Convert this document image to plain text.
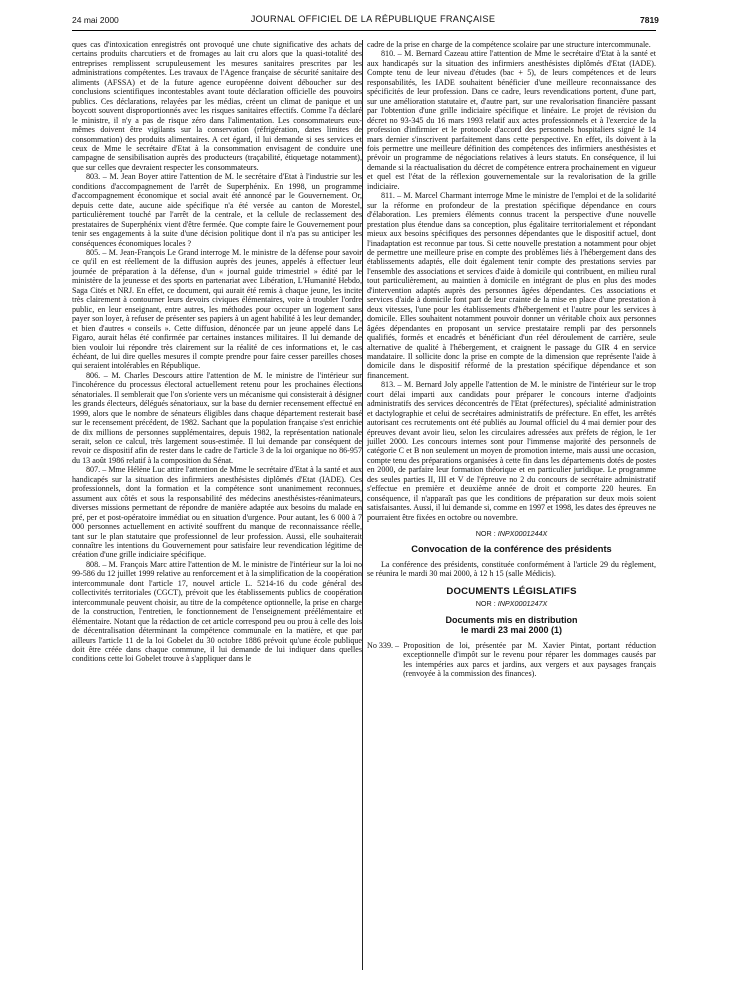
24 mai 2000	JOURNAL OFFICIEL DE LA RÉPUBLIQUE FRANÇAISE	7819

ques cas d'intoxication enregistrés ont provoqué une chute significative des achats de certains produits charcutiers et de fromages au lait cru alors que la quasi-totalité des entreprises remplissent scrupuleusement les mesures sanitaires prescrites par les administrations compétentes. Les travaux de l'Agence française de sécurité sanitaire des aliments (AFSSA) et de la future agence européenne doivent déboucher sur des conclusions scientifiques incontestables avant toute déclaration officielle des pouvoirs publics. Ces déclarations, relayées par les médias, créent un climat de panique et un boycott souvent disproportionnés avec les risques sanitaires effectifs. Comme l'a déclaré le ministre, il n'y a pas de risque zéro dans l'alimentation. Les consommateurs eux-mêmes doivent être vigilants sur la conservation (réfrigération, dates limites de consommation) des produits alimentaires. A cet égard, il lui demande si ses services et ceux de Mme le secrétaire d'Etat à la consommation envisagent de conduire une campagne de sensibilisation auprès des producteurs (traçabilité, étiquetage notamment), que sur celles que devraient respecter les consommateurs.

803. – M. Jean Boyer attire l'attention de M. le secrétaire d'Etat à l'industrie sur les conditions d'accompagnement de l'arrêt de Superphénix. En 1998, un programme d'accompagnement économique et social avait été annoncé par le Gouvernement. Or, depuis cette date, aucune aide spécifique n'a été versée au canton de Morestel, particulièrement touché par l'arrêt de la centrale, et la cellule de reclassement des prestataires de Superphénix vient d'être fermée. Que compte faire le Gouvernement pour tenir ses engagements à la suite d'une décision politique dont il n'a pas su anticiper les conséquences économiques locales ?

805. – M. Jean-François Le Grand interroge M. le ministre de la défense pour savoir ce qu'il en est réellement de la diffusion auprès des jeunes, appelés à effectuer leur journée de préparation à la défense, d'un « journal guide trimestriel » édité par le ministère de la jeunesse et des sports en partenariat avec Libération, L'Humanité Hebdo, Saga Cités et NRJ. En effet, ce document, qui aurait été remis à chaque jeune, les incite très clairement à contourner leurs devoirs civiques élémentaires, voire à troubler l'ordre public, en leur enseignant, entre autres, les méthodes pour occuper un logement sans payer son loyer, à refuser de présenter ses papiers à un agent habilité à les leur demander, et bien d'autres « conseils ». Cette diffusion, dénoncée par un jeune appelé dans Le Figaro, aurait hélas été confirmée par certaines instances militaires. Il lui demande de bien vouloir lui répondre très clairement sur la réalité de ces informations et, le cas échéant, de lui dire quelles mesures il compte prendre pour faire cesser pareilles choses qui seraient intolérables en République.

806. – M. Charles Descours attire l'attention de M. le ministre de l'intérieur sur l'incohérence du processus électoral actuellement retenu pour les prochaines élections sénatoriales. Il semblerait que l'on s'oriente vers un mécanisme qui consisterait à désigner les grands électeurs, délégués sénatoriaux, sur la base du dernier recensement effectué en 1999, alors que le nombre de sénateurs éligibles dans chaque département resterait basé sur le recensement précédent, de 1982. Sachant que la population française s'est enrichie de dix millions de personnes supplémentaires, depuis 1982, la représentation nationale serait, selon ce calcul, très largement sous-estimée. Il lui demande par conséquent de revoir ce dispositif afin de rester dans le cadre de l'article 3 de la loi organique no 86-957 du 13 août 1986 relatif à la composition du Sénat.

807. – Mme Hélène Luc attire l'attention de Mme le secrétaire d'Etat à la santé et aux handicapés sur la situation des infirmiers anesthésistes diplômés d'Etat (IADE). Ces professionnels, dont la formation et la compétence sont unanimement reconnues, assument aux côtés et sous la responsabilité des médecins anesthésistes-réanimateurs, diverses missions permettant de répondre de manière adaptée aux besoins du malade en pré, per et post-opératoire immédiat ou en situation d'urgence. Pour autant, les 6 000 à 7 000 personnes actuellement en activité souffrent du manque de reconnaissance réelle, tant sur le plan statutaire que professionnel de leur profession. Aussi, elle souhaiterait connaître les intentions du Gouvernement pour satisfaire leur revendication légitime de création d'une grille indiciaire spécifique.

808. – M. François Marc attire l'attention de M. le ministre de l'intérieur sur la loi no 99-586 du 12 juillet 1999 relative au renforcement et à la simplification de la coopération intercommunale dont l'article 17, nouvel article L. 5214-16 du code général des collectivités territoriales (CGCT), prévoit que les établissements publics de coopération intercommunale peuvent choisir, au titre de la compétence optionnelle, la prise en charge de la construction, l'entretien, le fonctionnement de l'enseignement préélémentaire et élémentaire. Notant que la rédaction de cet article correspond peu ou prou à celle des lois de décentralisation déterminant la compétence communale en la matière, et que par ailleurs l'article 11 de la loi Gobelet du 30 octobre 1886 prévoit qu'une école publique doit être créée dans chaque commune, il lui demande de lui indiquer dans quelles conditions cette loi Gobelet trouve à s'appliquer dans le

cadre de la prise en charge de la compétence scolaire par une structure intercommunale.

810. – M. Bernard Cazeau attire l'attention de Mme le secrétaire d'Etat à la santé et aux handicapés sur la situation des infirmiers anesthésistes diplômés d'Etat (IADE). Compte tenu de leur niveau d'études (bac + 5), de leurs compétences et de leurs responsabilités, les IADE souhaitent bénéficier d'une meilleure reconnaissance des spécificités de leur profession. Dans ce cadre, leurs revendications portent, d'une part, sur une amélioration statutaire et, d'autre part, sur une revalorisation financière passant par l'obtention d'une grille indiciaire spécifique et linéaire. Le projet de révision du décret no 93-345 du 16 mars 1993 relatif aux actes professionnels et à l'exercice de la profession d'infirmier et le protocole d'accord des personnels hospitaliers signé le 14 mars dernier s'inscrivent parfaitement dans cette perspective. En effet, ils doivent à la fois permettre une meilleure définition des compétences des infirmiers anesthésistes et prévoir un programme de négociations relatives à leurs statuts. En conséquence, il lui demande si la réactualisation du décret de compétence entrera prochainement en vigueur et quel est l'état de la réflexion gouvernementale sur la revalorisation de la grille indiciaire.

811. – M. Marcel Charmant interroge Mme le ministre de l'emploi et de la solidarité sur la réforme en profondeur de la prestation spécifique dépendance en cours d'élaboration. Les premiers éléments connus tracent la perspective d'une nouvelle prestation plus étendue dans sa conception, plus égalitaire territorialement et répondant mieux aux besoins spécifiques des personnes dépendantes que le dispositif actuel, dont l'inadaptation est reconnue par tous. Si cette nouvelle prestation a notamment pour objet de permettre une meilleure prise en compte des problèmes liés à l'hébergement dans des établissements adaptés, elle doit également tenir compte des prestations servies par l'ensemble des associations et services d'aide à domicile qui contribuent, en milieu rural tout particulièrement, au maintien à domicile en intégrant de plus en plus des modes d'intervention adaptés auprès des personnes âgées dépendantes. Ces associations et services d'aide à domicile font part de leur crainte de la mise en place d'une prestation à deux vitesses, l'une pour les établissements d'hébergement et l'autre pour les services à domicile. Elles souhaitent notamment pouvoir donner un véritable choix aux personnes âgées dépendantes en proposant un service prestataire rempli par des personnels qualifiés, formés et encadrés et bénéficiant d'un réel déroulement de carrière, seule alternative de qualité à l'hébergement, et craignent le passage du GIR 4 en service mandataire. Il sollicite donc la prise en compte de la dimension que représente l'aide à domicile dans le dispositif réformé de la prestation spécifique dépendance et son financement.

813. – M. Bernard Joly appelle l'attention de M. le ministre de l'intérieur sur le trop court délai imparti aux candidats pour préparer le concours interne d'adjoints administratifs des services déconcentrés de l'Etat (préfectures), spécialité administration et dactylographie et celui de secrétaires administratifs de préfecture. En effet, les arrêtés autorisant ces recrutements ont été publiés au Journal officiel du 4 mai dernier pour des épreuves devant avoir lieu, selon les circulaires adressées aux préfets de région, le 1er juillet 2000. Les concours internes sont pour l'immense majorité des personnels de catégorie C et B non seulement un moyen de promotion interne, mais aussi une occasion, compte tenu des préparations organisées à cette fin dans les départements dotés de postes en 2000, de parfaire leur formation théorique et en particulier juridique. Le programme des seules parties II, III et V de l'épreuve no 2 du concours de secrétaire administratif s'effectue en première et deuxième année de droit et comporte 220 heures. En conséquence, il n'apparaît pas que les conditions de préparation sur deux mois soient satisfaisantes. Aussi, il lui demande si, comme en 1997 et 1998, les dates des épreuves ne pourraient être fixées en octobre ou novembre.

NOR : INPX0001244X
Convocation de la conférence des présidents

La conférence des présidents, constituée conformément à l'article 29 du règlement, se réunira le mardi 30 mai 2000, à 12 h 15 (salle Médicis).

DOCUMENTS LÉGISLATIFS
NOR : INPX0001247X
Documents mis en distribution
le mardi 23 mai 2000 (1)
No 339. – Proposition de loi, présentée par M. Xavier Pintat, portant réduction exceptionnelle d'impôt sur le revenu pour réparer les dommages causés par les intempéries aux parcs et jardins, aux vergers et aux paysages français (renvoyée à la commission des finances).
